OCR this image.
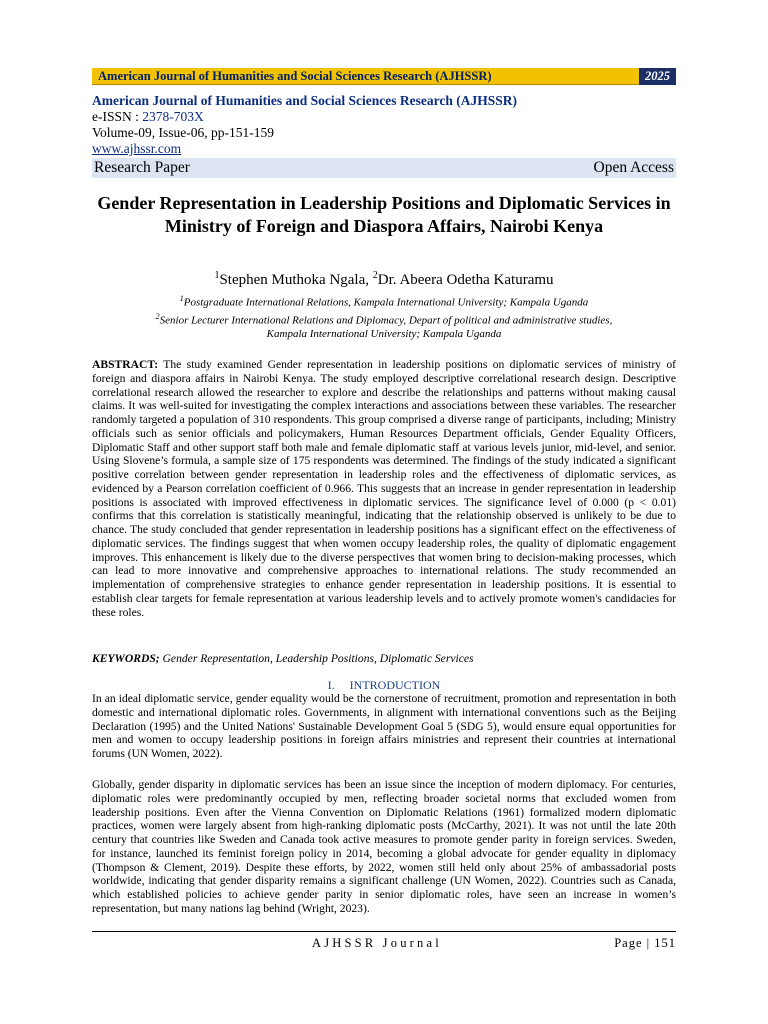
American Journal of Humanities and Social Sciences Research (AJHSSR)	2025
American Journal of Humanities and Social Sciences Research (AJHSSR)
e-ISSN : 2378-703X
Volume-09, Issue-06, pp-151-159
www.ajhssr.com
Research Paper	Open Access
Gender Representation in Leadership Positions and Diplomatic Services in Ministry of Foreign and Diaspora Affairs, Nairobi Kenya
$^1$Stephen Muthoka Ngala, $^2$Dr. Abeera Odetha Katuramu
$^1$Postgraduate International Relations, Kampala International University; Kampala Uganda
$^2$Senior Lecturer International Relations and Diplomacy, Depart of political and administrative studies,
Kampala International University; Kampala Uganda
ABSTRACT: The study examined Gender representation in leadership positions on diplomatic services of ministry of foreign and diaspora affairs in Nairobi Kenya. The study employed descriptive correlational research design. Descriptive correlational research allowed the researcher to explore and describe the relationships and patterns without making causal claims. It was well-suited for investigating the complex interactions and associations between these variables. The researcher randomly targeted a population of 310 respondents. This group comprised a diverse range of participants, including; Ministry officials such as senior officials and policymakers, Human Resources Department officials, Gender Equality Officers, Diplomatic Staff and other support staff both male and female diplomatic staff at various levels junior, mid-level, and senior. Using Slovene’s formula, a sample size of 175 respondents was determined. The findings of the study indicated a significant positive correlation between gender representation in leadership roles and the effectiveness of diplomatic services, as evidenced by a Pearson correlation coefficient of 0.966. This suggests that an increase in gender representation in leadership positions is associated with improved effectiveness in diplomatic services. The significance level of 0.000 (p < 0.01) confirms that this correlation is statistically meaningful, indicating that the relationship observed is unlikely to be due to chance. The study concluded that gender representation in leadership positions has a significant effect on the effectiveness of diplomatic services. The findings suggest that when women occupy leadership roles, the quality of diplomatic engagement improves. This enhancement is likely due to the diverse perspectives that women bring to decision-making processes, which can lead to more innovative and comprehensive approaches to international relations. The study recommended an implementation of comprehensive strategies to enhance gender representation in leadership positions. It is essential to establish clear targets for female representation at various leadership levels and to actively promote women's candidacies for these roles.
KEYWORDS; Gender Representation, Leadership Positions, Diplomatic Services
I. INTRODUCTION
In an ideal diplomatic service, gender equality would be the cornerstone of recruitment, promotion and representation in both domestic and international diplomatic roles. Governments, in alignment with international conventions such as the Beijing Declaration (1995) and the United Nations' Sustainable Development Goal 5 (SDG 5), would ensure equal opportunities for men and women to occupy leadership positions in foreign affairs ministries and represent their countries at international forums (UN Women, 2022).
Globally, gender disparity in diplomatic services has been an issue since the inception of modern diplomacy. For centuries, diplomatic roles were predominantly occupied by men, reflecting broader societal norms that excluded women from leadership positions. Even after the Vienna Convention on Diplomatic Relations (1961) formalized modern diplomatic practices, women were largely absent from high-ranking diplomatic posts (McCarthy, 2021). It was not until the late 20th century that countries like Sweden and Canada took active measures to promote gender parity in foreign services. Sweden, for instance, launched its feminist foreign policy in 2014, becoming a global advocate for gender equality in diplomacy (Thompson & Clement, 2019). Despite these efforts, by 2022, women still held only about 25% of ambassadorial posts worldwide, indicating that gender disparity remains a significant challenge (UN Women, 2022). Countries such as Canada, which established policies to achieve gender parity in senior diplomatic roles, have seen an increase in women’s representation, but many nations lag behind (Wright, 2023).
AJHSSR Journal	Page | 151
